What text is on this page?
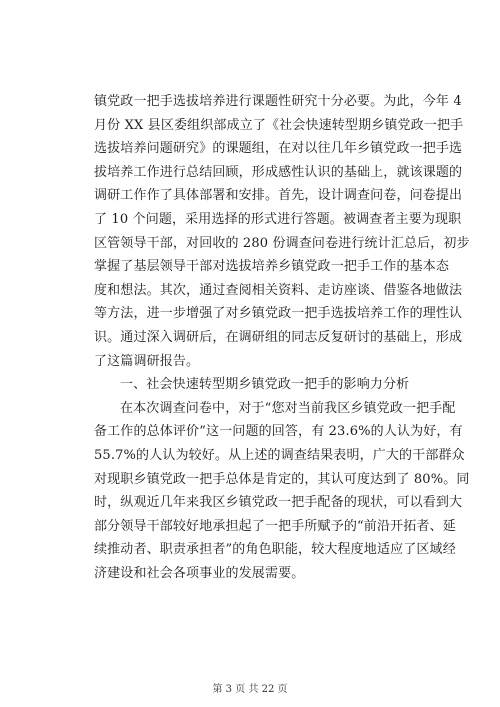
镇党政一把手选拔培养进行课题性研究十分必要。为此，今年 4
月份 XX 县区委组织部成立了《社会快速转型期乡镇党政一把手
选拔培养问题研究》的课题组，在对以往几年乡镇党政一把手选
拔培养工作进行总结回顾，形成感性认识的基础上，就该课题的
调研工作作了具体部署和安排。首先，设计调查问卷，问卷提出
了 10 个问题，采用选择的形式进行答题。被调查者主要为现职
区管领导干部，对回收的 280 份调查问卷进行统计汇总后，初步
掌握了基层领导干部对选拔培养乡镇党政一把手工作的基本态
度和想法。其次，通过查阅相关资料、走访座谈、借鉴各地做法
等方法，进一步增强了对乡镇党政一把手选拔培养工作的理性认
识。通过深入调研后，在调研组的同志反复研讨的基础上，形成
了这篇调研报告。
一、社会快速转型期乡镇党政一把手的影响力分析
在本次调查问卷中，对于“您对当前我区乡镇党政一把手配
备工作的总体评价”这一问题的回答，有 23.6%的人认为好，有
55.7%的人认为较好。从上述的调查结果表明，广大的干部群众
对现职乡镇党政一把手总体是肯定的，其认可度达到了 80%。同
时，纵观近几年来我区乡镇党政一把手配备的现状，可以看到大
部分领导干部较好地承担起了一把手所赋予的“前沿开拓者、延
续推动者、职责承担者”的角色职能，较大程度地适应了区域经
济建设和社会各项事业的发展需要。
第 3 页 共 22 页
